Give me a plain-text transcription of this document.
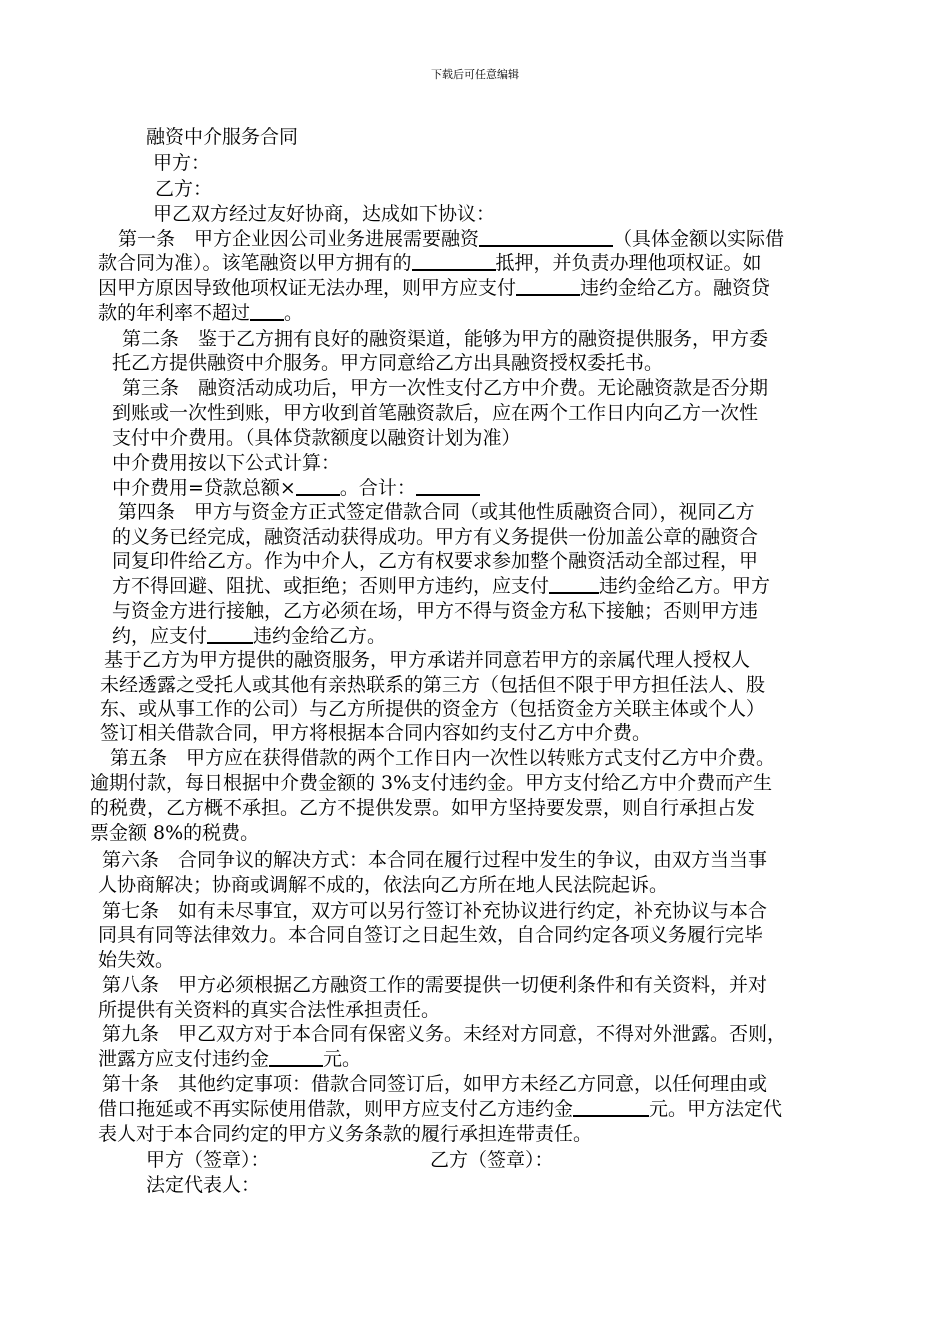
下载后可任意编辑
融资中介服务合同
甲方：
乙方：
甲乙双方经过友好协商，达成如下协议：
第一条　甲方企业因公司业务进展需要融资	（具体金额以实际借
款合同为准）。该笔融资以甲方拥有的	抵押，并负责办理他项权证。如
因甲方原因导致他项权证无法办理，则甲方应支付	违约金给乙方。融资贷
款的年利率不超过 。
第二条　鉴于乙方拥有良好的融资渠道，能够为甲方的融资提供服务，甲方委
托乙方提供融资中介服务。甲方同意给乙方出具融资授权委托书。
第三条　融资活动成功后，甲方一次性支付乙方中介费。无论融资款是否分期
到账或一次性到账，甲方收到首笔融资款后，应在两个工作日内向乙方一次性
支付中介费用。（具体贷款额度以融资计划为准）
中介费用按以下公式计算：
中介费用=贷款总额× 。合计：
第四条　甲方与资金方正式签定借款合同（或其他性质融资合同），视同乙方
的义务已经完成，融资活动获得成功。甲方有义务提供一份加盖公章的融资合
同复印件给乙方。作为中介人，乙方有权要求参加整个融资活动全部过程，甲
方不得回避、阻扰、或拒绝；否则甲方违约，应支付	违约金给乙方。甲方
与资金方进行接触，乙方必须在场，甲方不得与资金方私下接触；否则甲方违
约，应支付 违约金给乙方。
基于乙方为甲方提供的融资服务，甲方承诺并同意若甲方的亲属代理人授权人
未经透露之受托人或其他有亲热联系的第三方（包括但不限于甲方担任法人、股
东、或从事工作的公司）与乙方所提供的资金方（包括资金方关联主体或个人）
签订相关借款合同，甲方将根据本合同内容如约支付乙方中介费。
第五条　甲方应在获得借款的两个工作日内一次性以转账方式支付乙方中介费。
逾期付款，每日根据中介费金额的 3%支付违约金。甲方支付给乙方中介费而产生
的税费，乙方概不承担。乙方不提供发票。如甲方坚持要发票，则自行承担占发
票金额 8%的税费。
第六条　合同争议的解决方式：本合同在履行过程中发生的争议，由双方当当事
人协商解决；协商或调解不成的，依法向乙方所在地人民法院起诉。
第七条　如有未尽事宜，双方可以另行签订补充协议进行约定，补充协议与本合
同具有同等法律效力。本合同自签订之日起生效，自合同约定各项义务履行完毕
始失效。
第八条　甲方必须根据乙方融资工作的需要提供一切便利条件和有关资料，并对
所提供有关资料的真实合法性承担责任。
第九条　甲乙双方对于本合同有保密义务。未经对方同意，不得对外泄露。否则，
泄露方应支付违约金	元。
第十条　其他约定事项：借款合同签订后，如甲方未经乙方同意，以任何理由或
借口拖延或不再实际使用借款，则甲方应支付乙方违约金	元。甲方法定代
表人对于本合同约定的甲方义务条款的履行承担连带责任。
甲方（签章）：	乙方（签章）：
法定代表人：
